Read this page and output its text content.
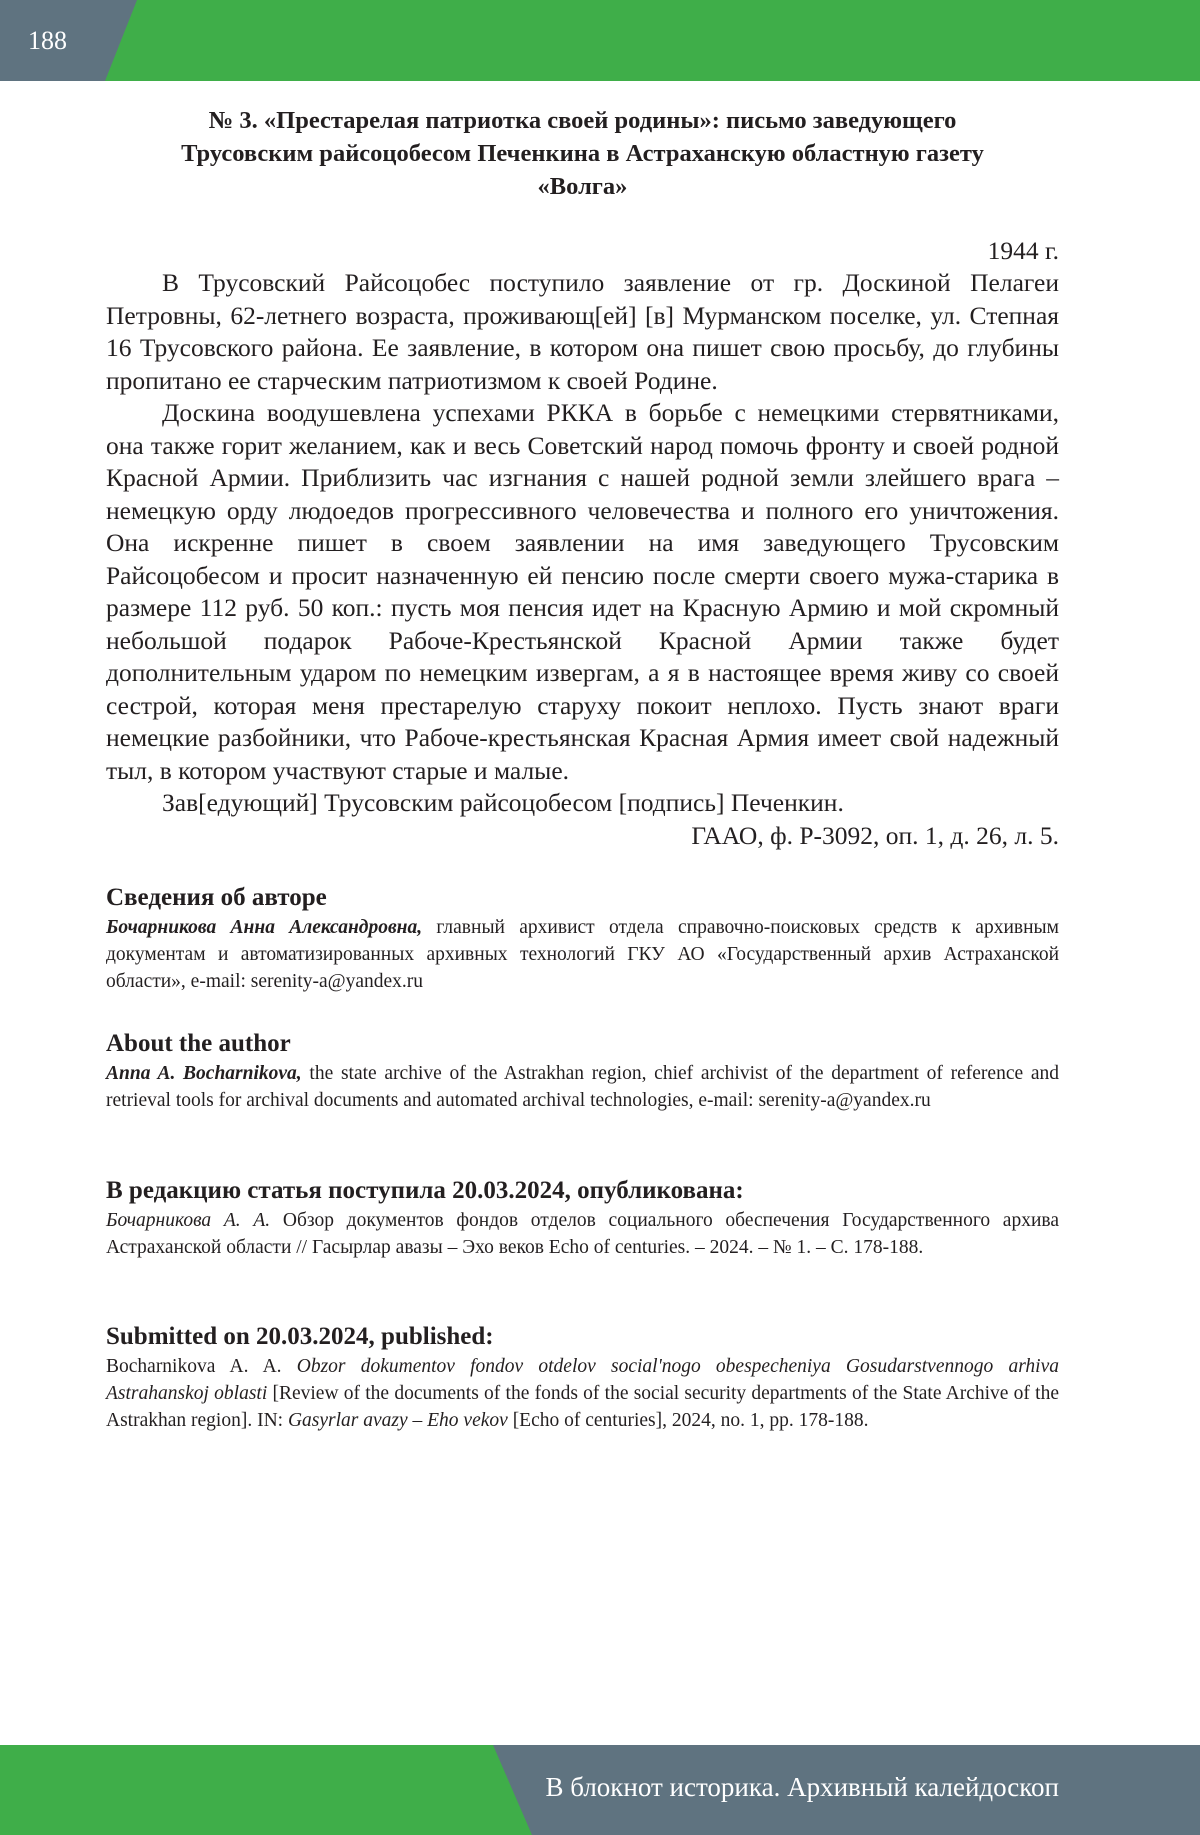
188
№ 3. «Престарелая патриотка своей родины»: письмо заведующего
Трусовским райсоцобесом Печенкина в Астраханскую областную газету
«Волга»
1944 г.

В Трусовский Райсоцобес поступило заявление от гр. Доскиной Пелагеи Петровны, 62-летнего возраста, проживающ[ей] [в] Мурманском поселке, ул. Степная 16 Трусовского района. Ее заявление, в котором она пишет свою просьбу, до глубины пропитано ее старческим патриотизмом к своей Родине.

Доскина воодушевлена успехами РККА в борьбе с немецкими стервятниками, она также горит желанием, как и весь Советский народ помочь фронту и своей родной Красной Армии. Приблизить час изгнания с нашей родной земли злейшего врага – немецкую орду людоедов прогрессивного человечества и полного его уничтожения. Она искренне пишет в своем заявлении на имя заведующего Трусовским Райсоцобесом и просит назначенную ей пенсию после смерти своего мужа-старика в размере 112 руб. 50 коп.: пусть моя пенсия идет на Красную Армию и мой скромный небольшой подарок Рабоче-Крестьянской Красной Армии также будет дополнительным ударом по немецким извергам, а я в настоящее время живу со своей сестрой, которая меня престарелую старуху покоит неплохо. Пусть знают враги немецкие разбойники, что Рабоче-крестьянская Красная Армия имеет свой надежный тыл, в котором участвуют старые и малые.

Зав[едующий] Трусовским райсоцобесом [подпись] Печенкин.

ГААО, ф. Р-3092, оп. 1, д. 26, л. 5.

Сведения об авторе

Бочарникова Анна Александровна, главный архивист отдела справочно-поисковых средств к архивным документам и автоматизированных архивных технологий ГКУ АО «Государственный архив Астраханской области», e-mail: serenity-a@yandex.ru

About the author

Anna A. Bocharnikova, the state archive of the Astrakhan region, chief archivist of the department of reference and retrieval tools for archival documents and automated archival technologies, e-mail: serenity-a@yandex.ru

В редакцию статья поступила 20.03.2024, опубликована:

Бочарникова А. А. Обзор документов фондов отделов социального обеспечения Государственного архива Астраханской области // Гасырлар авазы – Эхо веков Echo of centuries. – 2024. – № 1. – С. 178-188.

Submitted on 20.03.2024, published:

Bocharnikova A. A. Obzor dokumentov fondov otdelov social'nogo obespecheniya Gosudarstvennogo arhiva Astrahanskoj oblasti [Review of the documents of the fonds of the social security departments of the State Archive of the Astrakhan region]. IN: Gasyrlar avazy – Eho vekov [Echo of centuries], 2024, no. 1, pp. 178-188.

В блокнот историка. Архивный калейдоскоп
